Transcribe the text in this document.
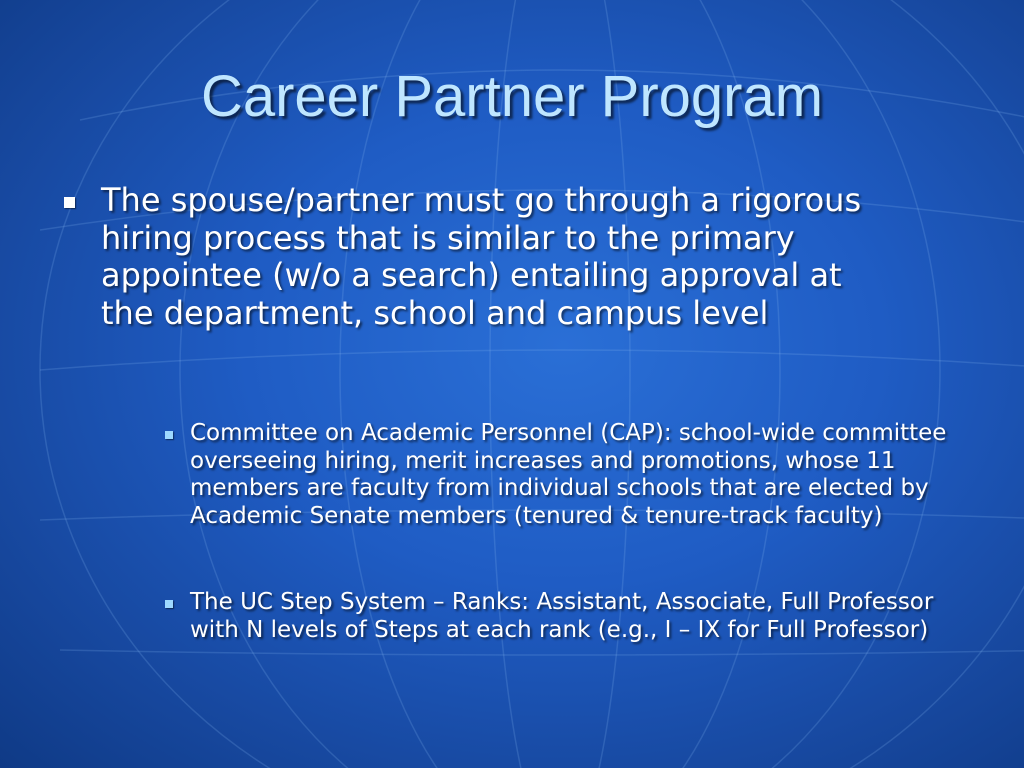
Career Partner Program
The spouse/partner must go through a rigorous hiring process that is similar to the primary appointee (w/o a search) entailing approval at the department, school and campus level
Committee on Academic Personnel (CAP): school-wide committee overseeing hiring, merit increases and promotions, whose 11 members are faculty from individual schools that are elected by Academic Senate members (tenured & tenure-track faculty)
The UC Step System – Ranks: Assistant, Associate, Full Professor with N levels of Steps at each rank (e.g., I – IX for Full Professor)
